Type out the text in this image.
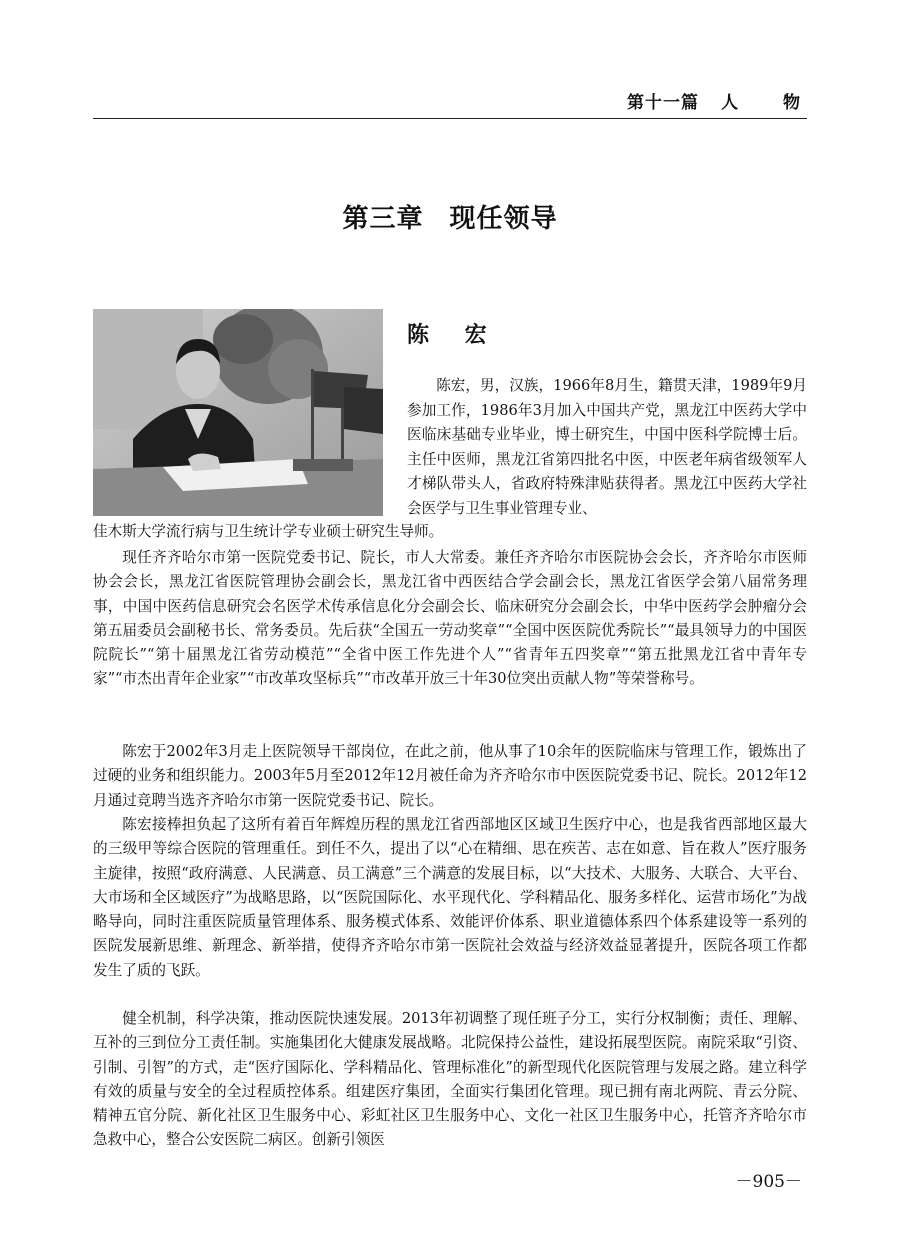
第十一篇 人	物
第三章 现任领导
陈 宏
陈宏，男，汉族，1966年8月生，籍贯天津，1989年9月参加工作，1986年3月加入中国共产党，黑龙江中医药大学中医临床基础专业毕业，博士研究生，中国中医科学院博士后。主任中医师，黑龙江省第四批名中医，中医老年病省级领军人才梯队带头人，省政府特殊津贴获得者。黑龙江中医药大学社会医学与卫生事业管理专业、
佳木斯大学流行病与卫生统计学专业硕士研究生导师。
现任齐齐哈尔市第一医院党委书记、院长，市人大常委。兼任齐齐哈尔市医院协会会长，齐齐哈尔市医师协会会长，黑龙江省医院管理协会副会长，黑龙江省中西医结合学会副会长，黑龙江省医学会第八届常务理事，中国中医药信息研究会名医学术传承信息化分会副会长、临床研究分会副会长，中华中医药学会肿瘤分会第五届委员会副秘书长、常务委员。先后获“全国五一劳动奖章”“全国中医医院优秀院长”“最具领导力的中国医院院长”“第十届黑龙江省劳动模范”“全省中医工作先进个人”“省青年五四奖章”“第五批黑龙江省中青年专家”“市杰出青年企业家”“市改革攻坚标兵”“市改革开放三十年30位突出贡献人物”等荣誉称号。
陈宏于2002年3月走上医院领导干部岗位，在此之前，他从事了10余年的医院临床与管理工作，锻炼出了过硬的业务和组织能力。2003年5月至2012年12月被任命为齐齐哈尔市中医医院党委书记、院长。2012年12月通过竞聘当选齐齐哈尔市第一医院党委书记、院长。
陈宏接棒担负起了这所有着百年辉煌历程的黑龙江省西部地区区域卫生医疗中心，也是我省西部地区最大的三级甲等综合医院的管理重任。到任不久，提出了以“心在精细、思在疾苦、志在如意、旨在救人”医疗服务主旋律，按照“政府满意、人民满意、员工满意”三个满意的发展目标，以“大技术、大服务、大联合、大平台、大市场和全区域医疗”为战略思路，以“医院国际化、水平现代化、学科精品化、服务多样化、运营市场化”为战略导向，同时注重医院质量管理体系、服务模式体系、效能评价体系、职业道德体系四个体系建设等一系列的医院发展新思维、新理念、新举措，使得齐齐哈尔市第一医院社会效益与经济效益显著提升，医院各项工作都发生了质的飞跃。
健全机制，科学决策，推动医院快速发展。2013年初调整了现任班子分工，实行分权制衡；责任、理解、互补的三到位分工责任制。实施集团化大健康发展战略。北院保持公益性，建设拓展型医院。南院采取“引资、引制、引智”的方式，走“医疗国际化、学科精品化、管理标准化”的新型现代化医院管理与发展之路。建立科学有效的质量与安全的全过程质控体系。组建医疗集团，全面实行集团化管理。现已拥有南北两院、青云分院、精神五官分院、新化社区卫生服务中心、彩虹社区卫生服务中心、文化一社区卫生服务中心，托管齐齐哈尔市急救中心，整合公安医院二病区。创新引领医
－905－
